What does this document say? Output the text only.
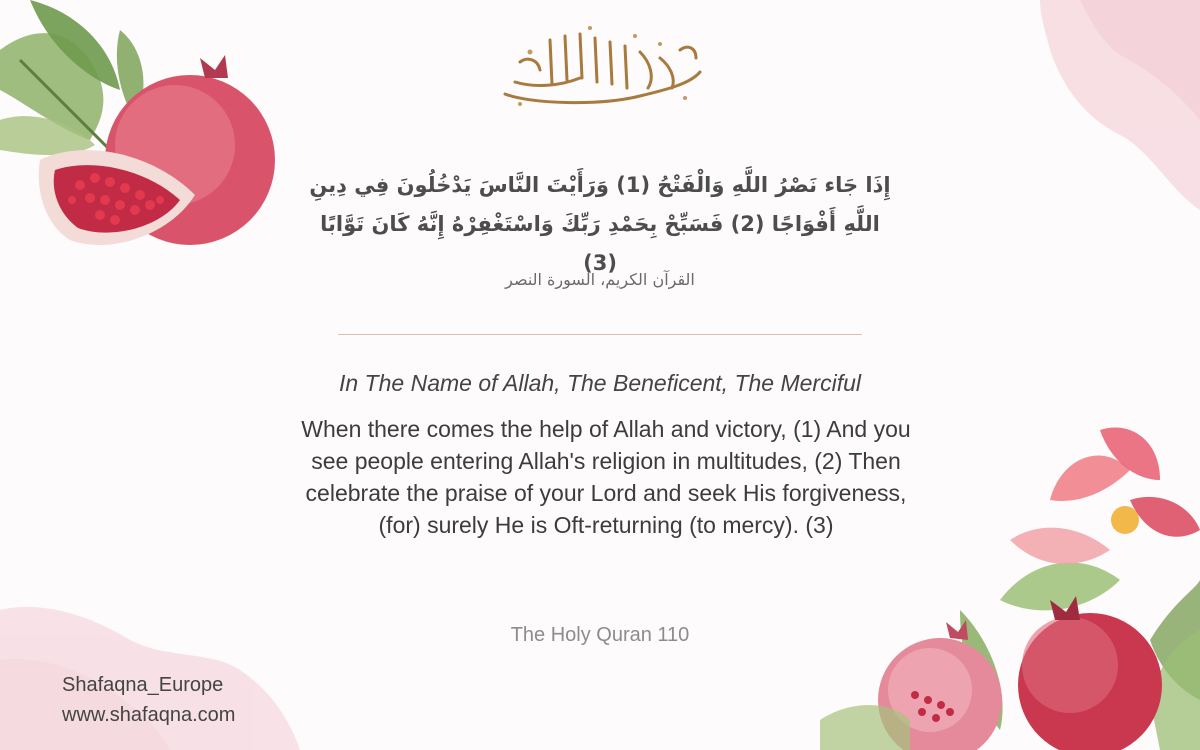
إِذَا جَاء نَصْرُ اللَّهِ وَالْفَتْحُ (1) وَرَأَيْتَ النَّاسَ يَدْخُلُونَ فِي دِينِ اللَّهِ أَفْوَاجًا (2) فَسَبِّحْ بِحَمْدِ رَبِّكَ وَاسْتَغْفِرْهُ إِنَّهُ كَانَ تَوَّابًا (3)
القرآن الكريم، السورة النصر
In The Name of Allah, The Beneficent, The Merciful
When there comes the help of Allah and victory, (1) And you see people entering Allah's religion in multitudes, (2) Then celebrate the praise of your Lord and seek His forgiveness, (for) surely He is Oft-returning (to mercy). (3)
The Holy Quran 110
Shafaqna_Europe
www.shafaqna.com
